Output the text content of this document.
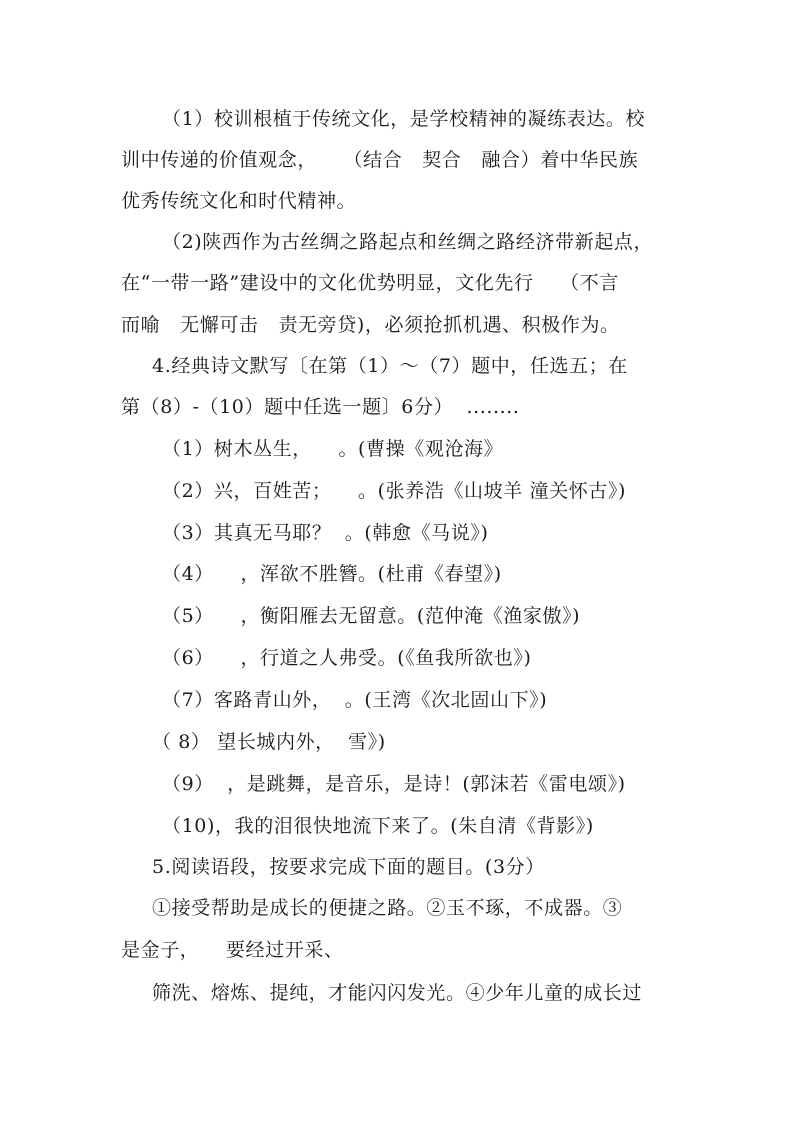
（1）校训根植于传统文化，是学校精神的凝练表达。校
训中传递的价值观念，    （结合   契合   融合）着中华民族
优秀传统文化和时代精神。
（2)陕西作为古丝绸之路起点和丝绸之路经济带新起点，
在“一带一路”建设中的文化优势明显，文化先行    （不言
而喻   无懈可击   责无旁贷)，必须抢抓机遇、积极作为。
4.经典诗文默写〔在第（1）～（7）题中，任选五；在
第（8）-（10）题中任选一题〕6分）  ........
（1）树木丛生，    。(曹操《观沧海》
（2）兴，百姓苦；    。(张养浩《山坡羊 潼关怀古》)
（3）其真无马耶？  。(韩愈《马说》)
（4）    ，浑欲不胜簪。(杜甫《春望》)
（5）    ，衡阳雁去无留意。(范仲淹《渔家傲》)
（6）    ，行道之人弗受。(《鱼我所欲也》)
（7）客路青山外，  。(王湾《次北固山下》)
（ 8） 望长城内外，  雪》)
（9）  ，是跳舞，是音乐，是诗！(郭沫若《雷电颂》)
（10)，我的泪很快地流下来了。(朱自清《背影》)
5.阅读语段，按要求完成下面的题目。(3分）
①接受帮助是成长的便捷之路。②玉不琢，不成器。③
是金子，    要经过开采、
筛洗、熔炼、提纯，才能闪闪发光。④少年儿童的成长过
